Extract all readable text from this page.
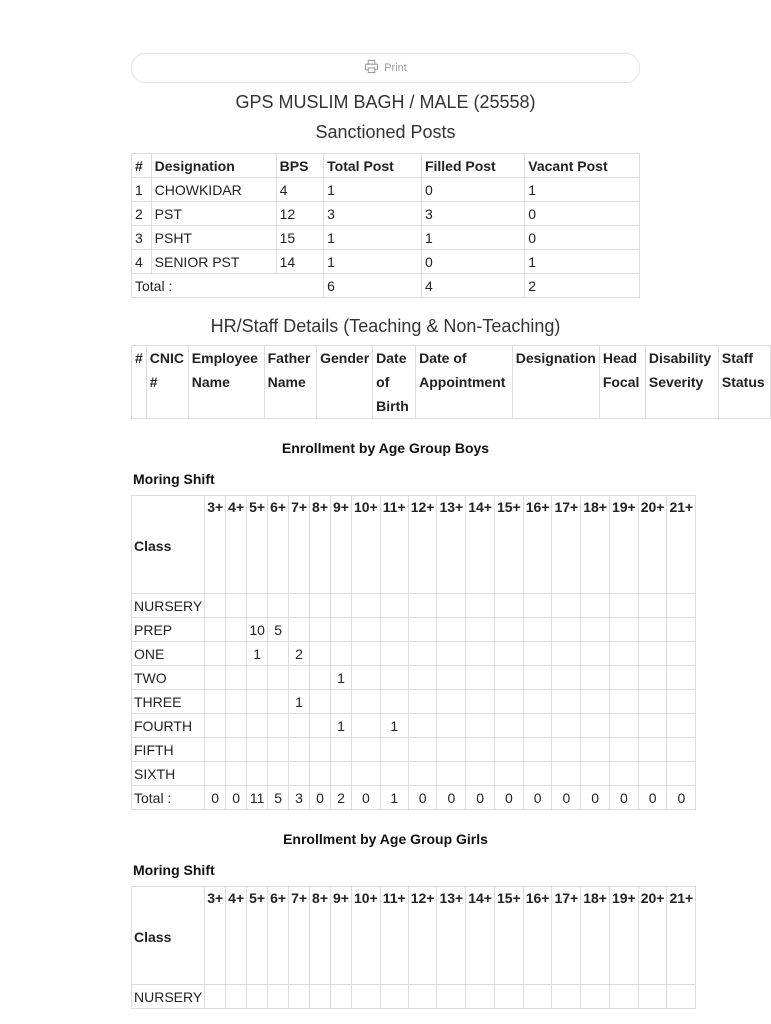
Print
GPS MUSLIM BAGH / MALE (25558)
Sanctioned Posts
#	Designation	BPS	Total Post	Filled Post	Vacant Post
1	CHOWKIDAR	4	1	0	1
2	PST	12	3	3	0
3	PSHT	15	1	1	0
4	SENIOR PST	14	1	0	1
Total :			6	4	2
HR/Staff Details (Teaching & Non-Teaching)
#	CNIC #	Employee Name	Father Name	Gender	Date of Birth	Date of Appointment	Designation	Head Focal	Disability Severity	Staff Status

Enrollment by Age Group Boys
Moring Shift
Class	3+	4+	5+	6+	7+	8+	9+	10+	11+	12+	13+	14+	15+	16+	17+	18+	19+	20+	21+
NURSERY																			
PREP			10	5															
ONE			1		2														
TWO							1												
THREE					1														
FOURTH							1		1										
FIFTH																			
SIXTH																			
Total :	0	0	11	5	3	0	2	0	1	0	0	0	0	0	0	0	0	0	0
Enrollment by Age Group Girls
Moring Shift
Class	3+	4+	5+	6+	7+	8+	9+	10+	11+	12+	13+	14+	15+	16+	17+	18+	19+	20+	21+
NURSERY																			
